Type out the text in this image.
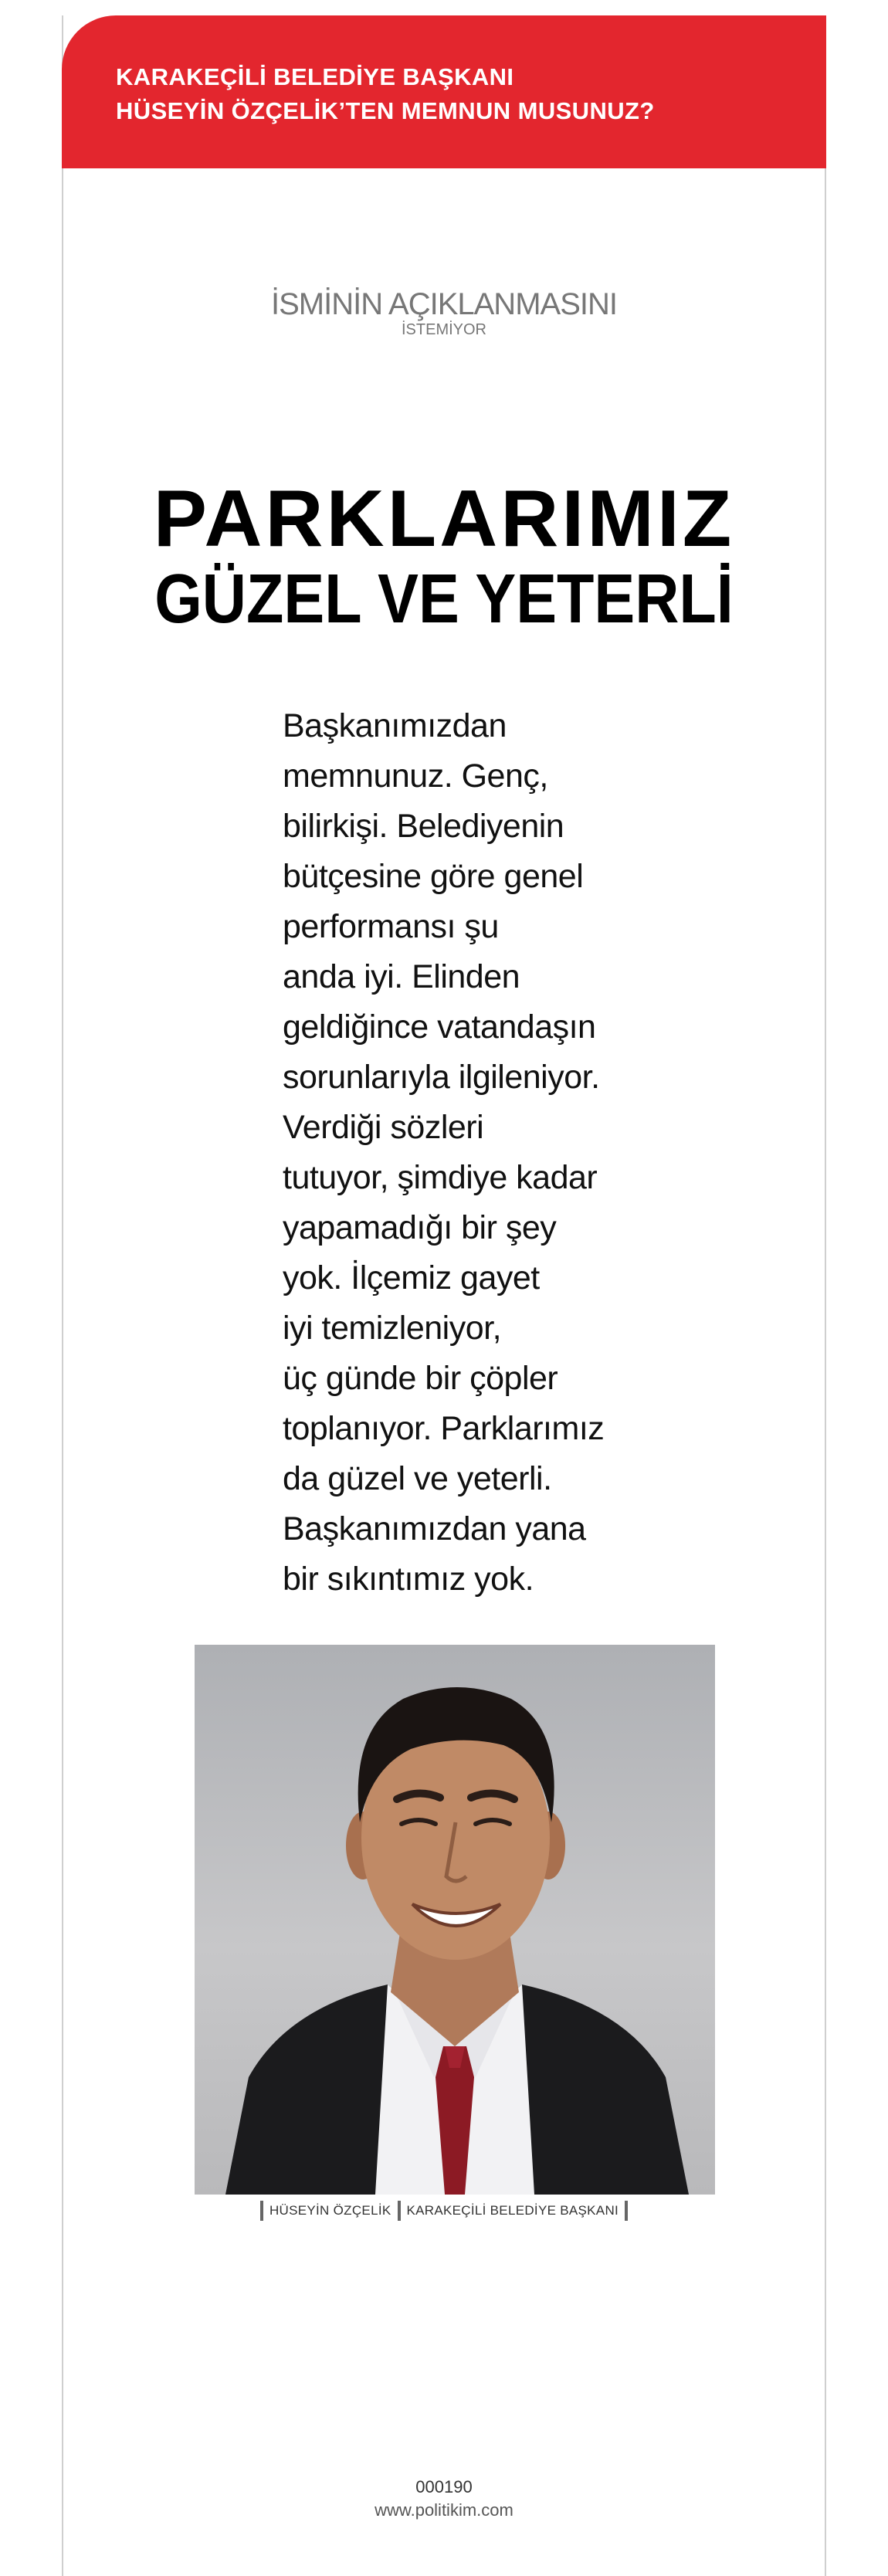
KARAKEÇİLİ BELEDİYE BAŞKANI
HÜSEYİN ÖZÇELİK’TEN MEMNUN MUSUNUZ?
İSMİNİN AÇIKLANMASINI
İSTEMİYOR
PARKLARIMIZ
GÜZEL VE YETERLİ
Başkanımızdan
memnunuz. Genç,
bilirkişi. Belediyenin
bütçesine göre genel
performansı şu
anda iyi. Elinden
geldiğince vatandaşın
sorunlarıyla ilgileniyor.
Verdiği sözleri
tutuyor, şimdiye kadar
yapamadığı bir şey
yok. İlçemiz gayet
iyi temizleniyor,
üç günde bir çöpler
toplanıyor. Parklarımız
da güzel ve yeterli.
Başkanımızdan yana
bir sıkıntımız yok.
HÜSEYİN ÖZÇELİK KARAKEÇİLİ BELEDİYE BAŞKANI
000190
www.politikim.com
